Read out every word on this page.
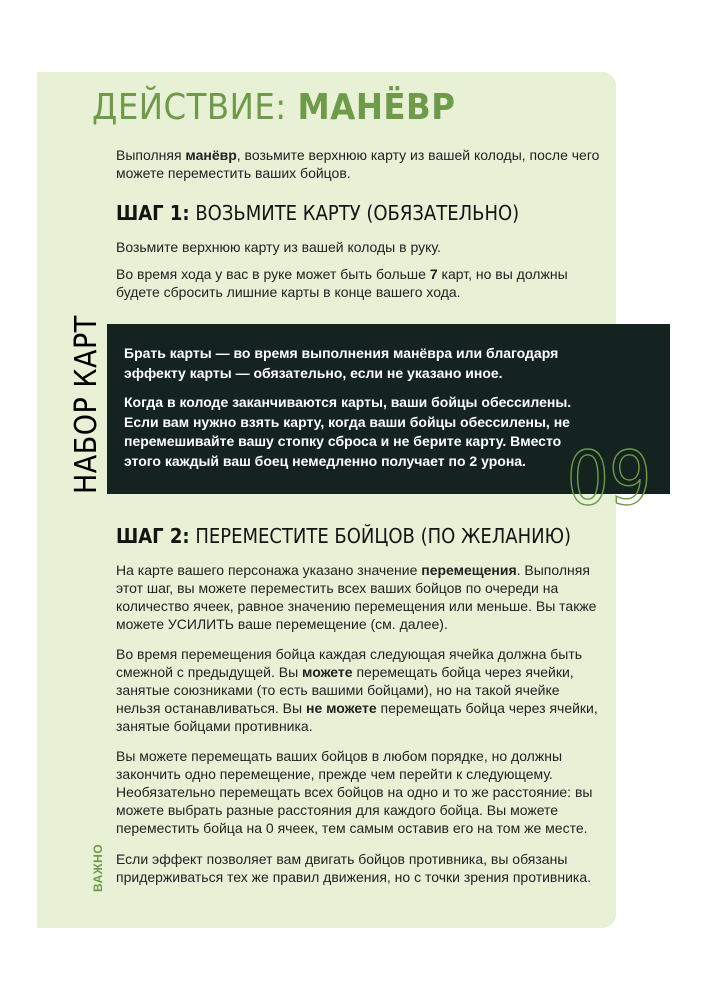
ДЕЙСТВИЕ: МАНЁВР

Выполняя манёвр, возьмите верхнюю карту из вашей колоды, после чего можете переместить ваших бойцов.

ШАГ 1: ВОЗЬМИТЕ КАРТУ (ОБЯЗАТЕЛЬНО)

Возьмите верхнюю карту из вашей колоды в руку.

Во время хода у вас в руке может быть больше 7 карт, но вы должны будете сбросить лишние карты в конце вашего хода.

Брать карты — во время выполнения манёвра или благодаря эффекту карты — обязательно, если не указано иное.

Когда в колоде заканчиваются карты, ваши бойцы обессилены. Если вам нужно взять карту, когда ваши бойцы обессилены, не перемешивайте вашу стопку сброса и не берите карту. Вместо этого каждый ваш боец немедленно получает по 2 урона.

НАБОР КАРТ	09
ШАГ 2: ПЕРЕМЕСТИТЕ БОЙЦОВ (ПО ЖЕЛАНИЮ)

На карте вашего персонажа указано значение перемещения. Выполняя этот шаг, вы можете переместить всех ваших бойцов по очереди на количество ячеек, равное значению перемещения или меньше. Вы также можете УСИЛИТЬ ваше перемещение (см. далее).

Во время перемещения бойца каждая следующая ячейка должна быть смежной с предыдущей. Вы можете перемещать бойца через ячейки, занятые союзниками (то есть вашими бойцами), но на такой ячейке нельзя останавливаться. Вы не можете перемещать бойца через ячейки, занятые бойцами противника.

Вы можете перемещать ваших бойцов в любом порядке, но должны закончить одно перемещение, прежде чем перейти к следующему. Необязательно перемещать всех бойцов на одно и то же расстояние: вы можете выбрать разные расстояния для каждого бойца. Вы можете переместить бойца на 0 ячеек, тем самым оставив его на том же месте.

ВАЖНО Если эффект позволяет вам двигать бойцов противника, вы обязаны придерживаться тех же правил движения, но с точки зрения противника.
